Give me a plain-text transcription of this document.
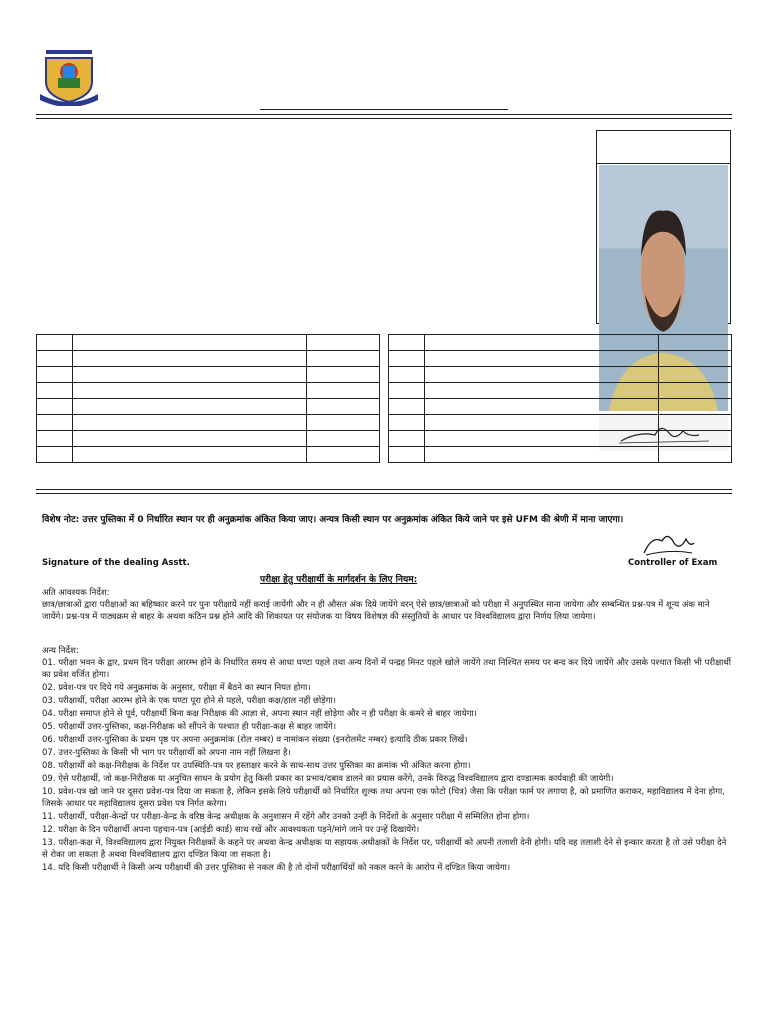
विशेष नोट: उत्तर पुस्तिका में 0 निर्धारित स्थान पर ही अनुक्रमांक अंकित किया जाए। अन्यत्र किसी स्थान पर अनुक्रमांक अंकित किये जाने पर इसे UFM की श्रेणी में माना जाएगा।
Signature of the dealing Asstt.	Controller of Exam
परीक्षा हेतु परीक्षार्थी के मार्गदर्शन के लिए नियम:
अति आवश्यक निर्देश:
छात्र/छात्राओं द्वारा परीक्षाओं का बहिष्कार करने पर पुनः परीक्षायें नहीं कराई जायेंगी और न ही औसत अंक दिये जायेंगे वरन् ऐसे छात्र/छात्राओं को परीक्षा में अनुपस्थित माना जायेगा और सम्बन्धित प्रश्न-पत्र में शून्य अंक माने जायेंगे। प्रश्न-पत्र में पाठ्यक्रम से बाहर के अथवा कठिन प्रश्न होने आदि की शिकायत पर संयोजक या विषय विशेषज्ञ की संस्तुतियों के आधार पर विश्वविद्यालय द्वारा निर्णय लिया जायेगा।
अन्य निर्देश:
01. परीक्षा भवन के द्वार, प्रथम दिन परीक्षा आरम्भ होने के निर्धारित समय से आधा घण्टा पहले तथा अन्य दिनों में पन्द्रह मिनट पहले खोले जायेंगे तथा निश्चित समय पर बन्द कर दिये जायेंगे और उसके पश्चात किसी भी परीक्षार्थी का प्रवेश वर्जित होगा।
02. प्रवेश-पत्र पर दिये गये अनुक्रमांक के अनुसार, परीक्षा में बैठने का स्थान नियत होगा।
03. परीक्षार्थी, परीक्षा आरम्भ होने के एक घण्टा पूरा होने से पहले, परीक्षा कक्ष/हाल नहीं छोड़ेगा।
04. परीक्षा समाप्त होने से पूर्व, परीक्षार्थी बिना कक्ष निरीक्षक की आज्ञा से, अपना स्थान नहीं छोड़ेगा और न ही परीक्षा के कमरे से बाहर जायेगा।
05. परीक्षार्थी उत्तर-पुस्तिका, कक्ष-निरीक्षक को सौंपने के पश्चात ही परीक्षा-कक्ष से बाहर जायेंगे।
06. परीक्षार्थी उत्तर-पुस्तिका के प्रथम पृष्ठ पर अपना अनुक्रमांक (रोल नम्बर) व नामांकन संख्या (इनरोलमेंट नम्बर) इत्यादि ठीक प्रकार लिखें।
07. उत्तर-पुस्तिका के किसी भी भाग पर परीक्षार्थी को अपना नाम नहीं लिखना है।
08. परीक्षार्थी को कक्ष-निरीक्षक के निर्देश पर उपस्थिति-पत्र पर हस्ताक्षर करने के साथ-साथ उत्तर पुस्तिका का क्रमांक भी अंकित करना होगा।
09. ऐसे परीक्षार्थी, जो कक्ष-निरीक्षक या अनुचित साधन के प्रयोग हेतु किसी प्रकार का प्रभाव/दबाव डालने का प्रयास करेंगे, उनके विरुद्ध विश्वविद्यालय द्वारा दण्डात्मक कार्यवाही की जायेगी।
10. प्रवेश-पत्र खो जाने पर दूसरा प्रवेश-पत्र दिया जा सकता है, लेकिन इसके लिये परीक्षार्थी को निर्धारित शुल्क तथा अपना एक फोटो (चित्र) जैसा कि परीक्षा फार्म पर लगाया है, को प्रमाणित कराकर, महाविद्यालय में देना होगा, जिसके आधार पर महाविद्यालय दूसरा प्रवेश पत्र निर्गत करेगा।
11. परीक्षार्थी, परीक्षा-केन्द्रों पर परीक्षा-केन्द्र के वरिष्ठ केन्द्र अधीक्षक के अनुशासन में रहेंगे और उनको उन्हीं के निर्देशों के अनुसार परीक्षा में सम्मिलित होना होगा।
12. परीक्षा के दिन परीक्षार्थी अपना पहचान-पत्र (आईडी कार्ड) साथ रखें और आवश्यकता पड़ने/मांगे जाने पर उन्हें दिखायेंगे।
13. परीक्षा-कक्ष में, विश्वविद्यालय द्वारा नियुक्त निरीक्षकों के कहने पर अथवा केन्द्र अधीक्षक या सहायक अधीक्षकों के निर्देश पर, परीक्षार्थी को अपनी तलाशी देनी होगी। यदि वह तलाशी देने से इन्कार करता है तो उसे परीक्षा देने से रोका जा सकता है अथवा विश्वविद्यालय द्वारा दण्डित किया जा सकता है।
14. यदि किसी परीक्षार्थी ने किसी अन्य परीक्षार्थी की उत्तर पुस्तिका से नकल की है तो दोनों परीक्षार्थियों को नकल करने के आरोप में दण्डित किया जायेगा।
